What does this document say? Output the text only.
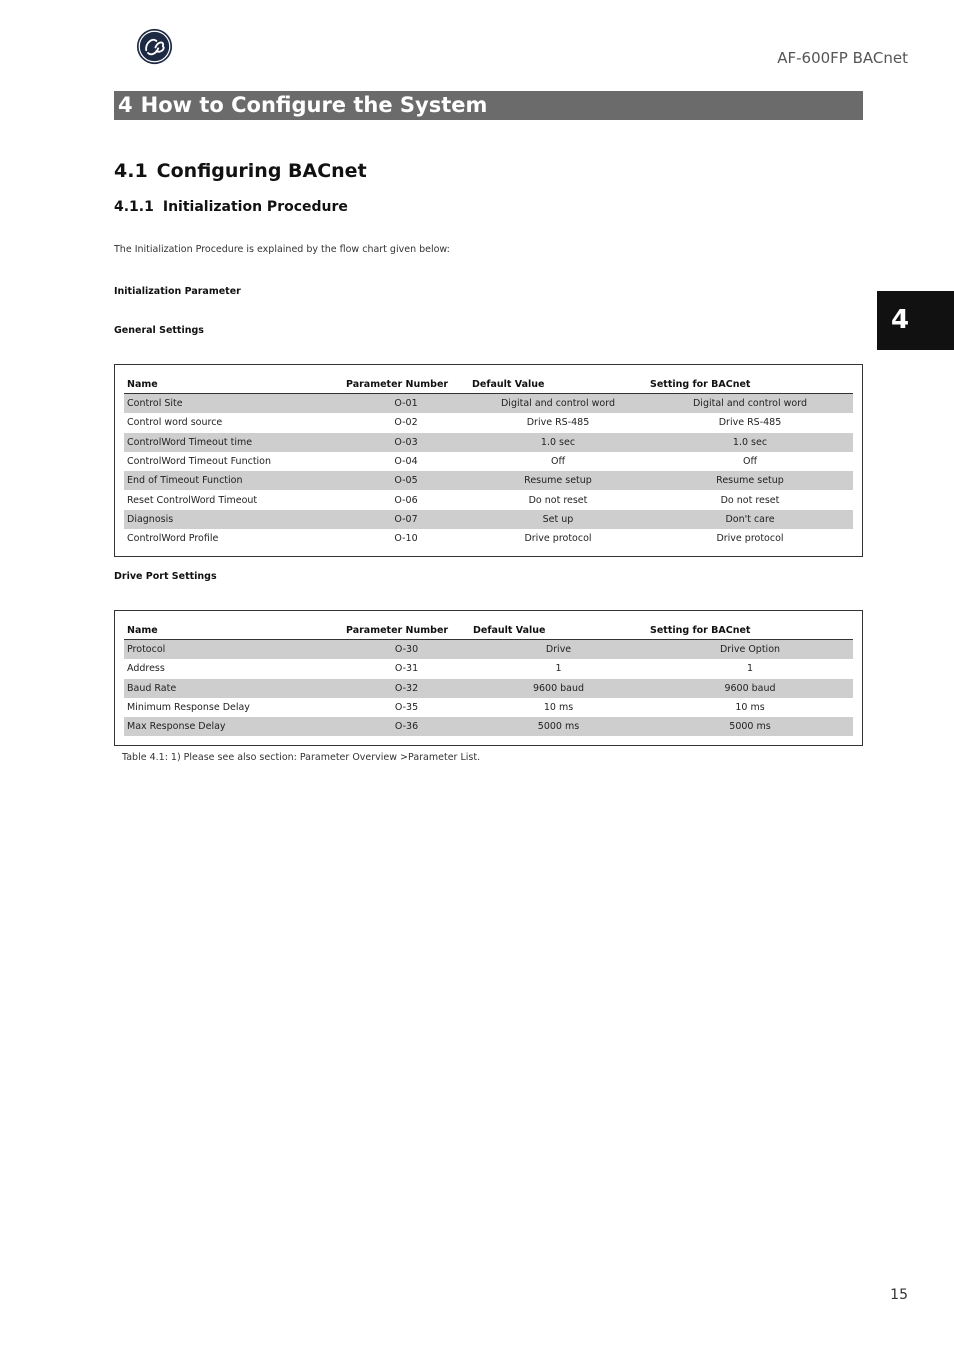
AF-600FP BACnet
4 How to Configure the System
4.1 Configuring BACnet
4.1.1 Initialization Procedure
The Initialization Procedure is explained by the flow chart given below:
Initialization Parameter
General Settings	4
Name	Parameter Number	Default Value	Setting for BACnet
Control Site	O-01	Digital and control word	Digital and control word
Control word source	O-02	Drive RS-485	Drive RS-485
ControlWord Timeout time	O-03	1.0 sec	1.0 sec
ControlWord Timeout Function	O-04	Off	Off
End of Timeout Function	O-05	Resume setup	Resume setup
Reset ControlWord Timeout	O-06	Do not reset	Do not reset
Diagnosis	O-07	Set up	Don't care
ControlWord Profile	O-10	Drive protocol	Drive protocol
Drive Port Settings
Name	Parameter Number	Default Value	Setting for BACnet
Protocol	O-30	Drive	Drive Option
Address	O-31	1	1
Baud Rate	O-32	9600 baud	9600 baud
Minimum Response Delay	O-35	10 ms	10 ms
Max Response Delay	O-36	5000 ms	5000 ms
Table 4.1: 1) Please see also section: Parameter Overview >Parameter List.
15
